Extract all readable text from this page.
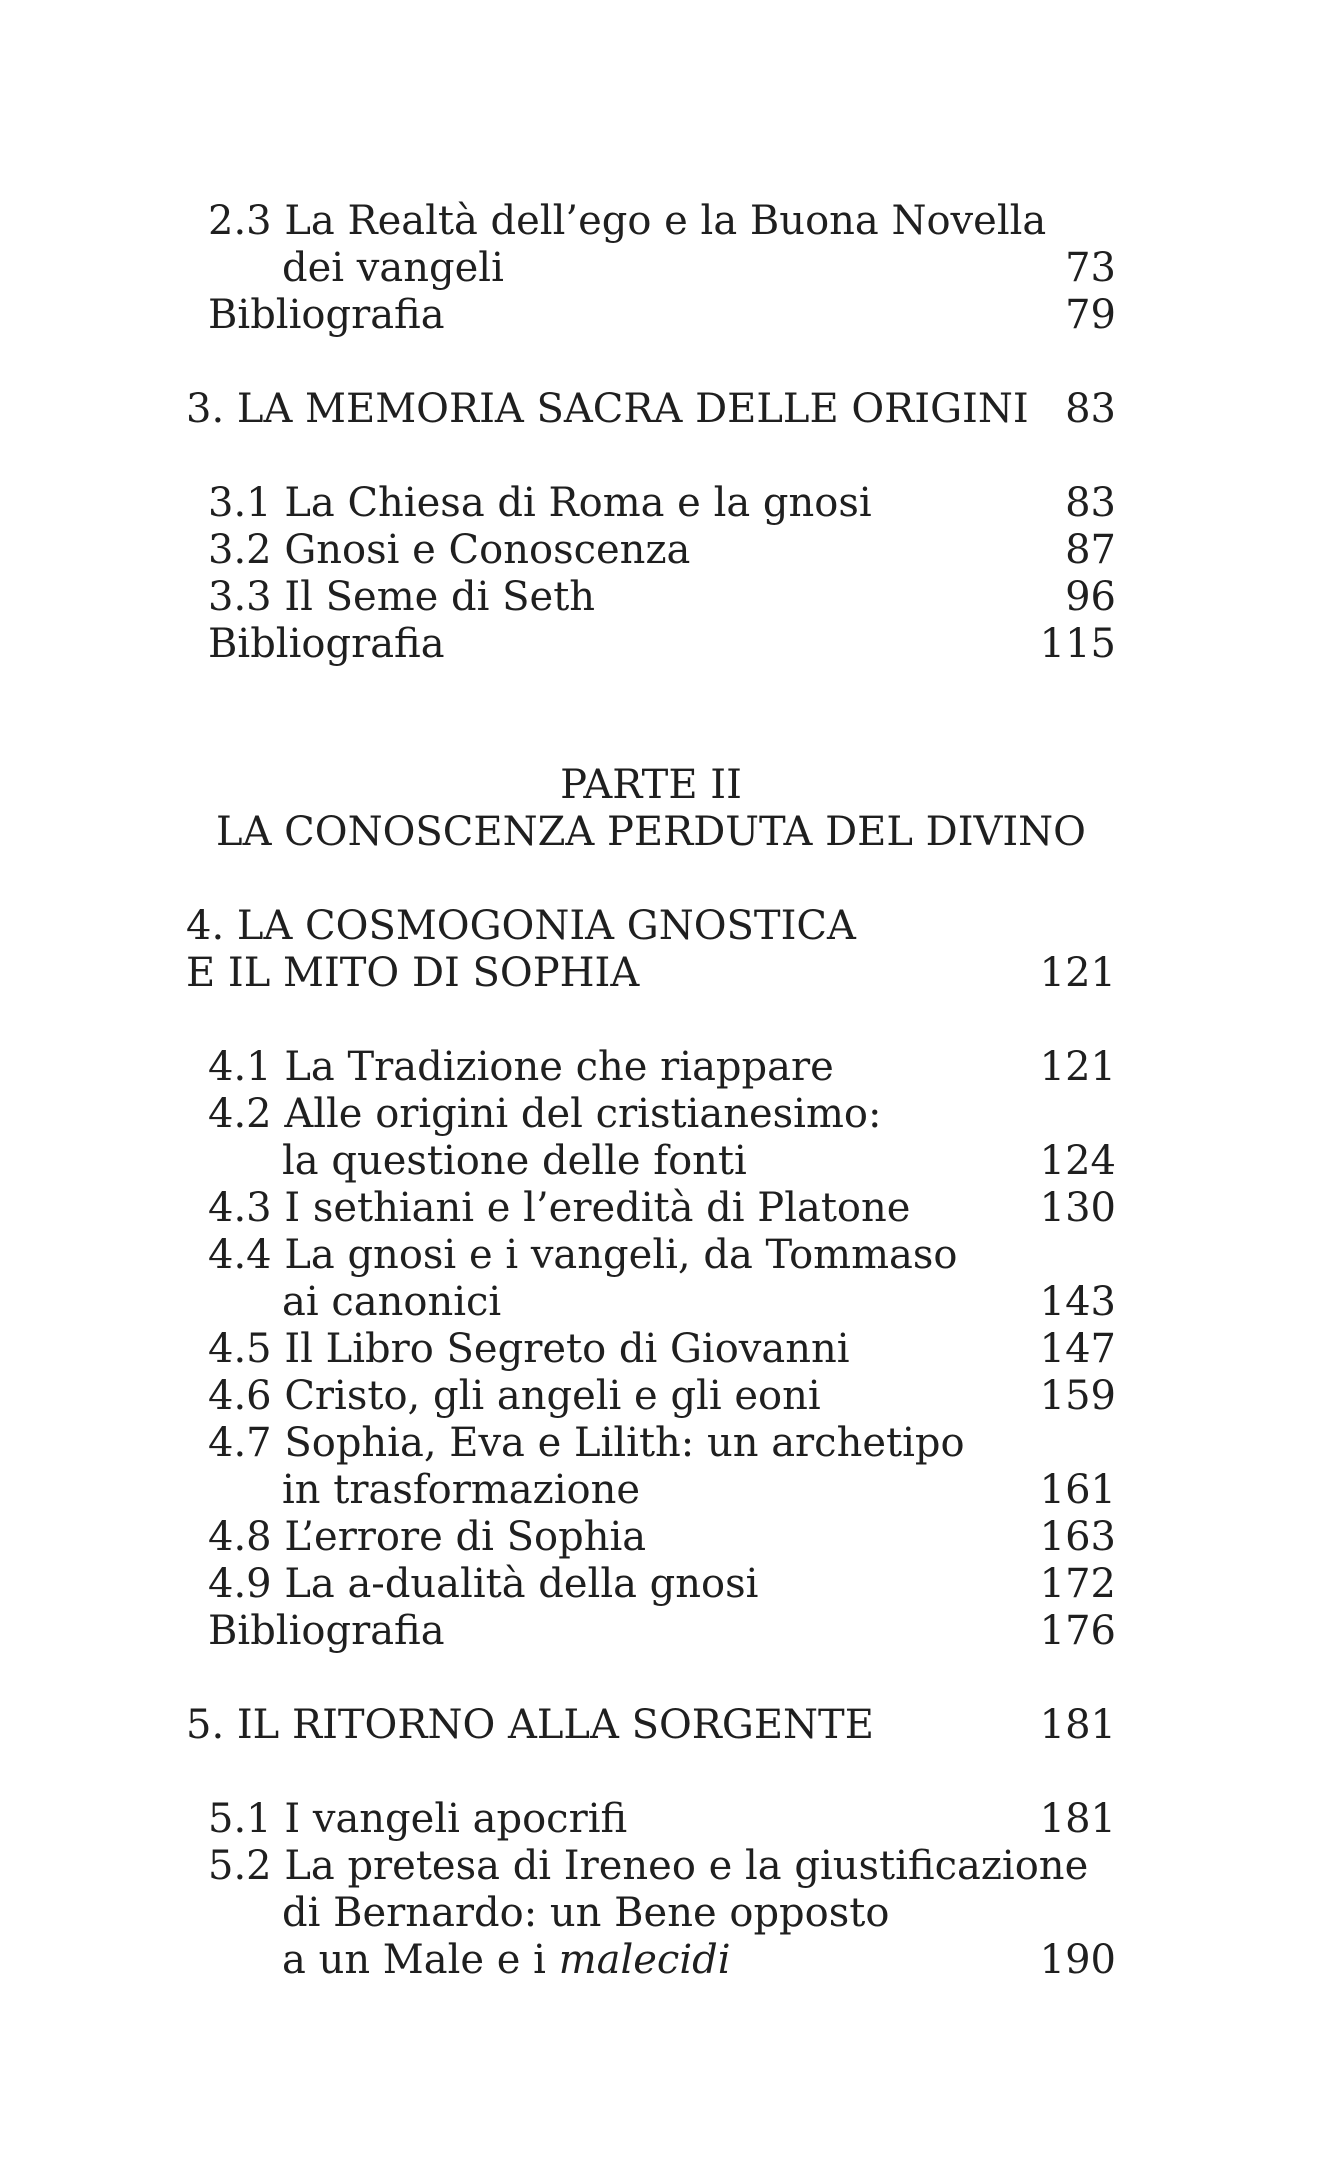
2.3 La Realtà dell’ego e la Buona Novella
dei vangeli	73
Bibliografia	79
3. LA MEMORIA SACRA DELLE ORIGINI 83
3.1 La Chiesa di Roma e la gnosi	83
3.2 Gnosi e Conoscenza	87
3.3 Il Seme di Seth	96
Bibliografia	115
PARTE II
LA CONOSCENZA PERDUTA DEL DIVINO
4. LA COSMOGONIA GNOSTICA
E IL MITO DI SOPHIA	121
4.1 La Tradizione che riappare	121
4.2 Alle origini del cristianesimo:
la questione delle fonti	124
4.3 I sethiani e l’eredità di Platone	130
4.4 La gnosi e i vangeli, da Tommaso
ai canonici	143
4.5 Il Libro Segreto di Giovanni	147
4.6 Cristo, gli angeli e gli eoni	159
4.7 Sophia, Eva e Lilith: un archetipo
in trasformazione	161
4.8 L’errore di Sophia	163
4.9 La a-dualità della gnosi	172
Bibliografia	176
5. IL RITORNO ALLA SORGENTE	181
5.1 I vangeli apocrifi	181
5.2 La pretesa di Ireneo e la giustificazione
di Bernardo: un Bene opposto
a un Male e i malecidi	190
